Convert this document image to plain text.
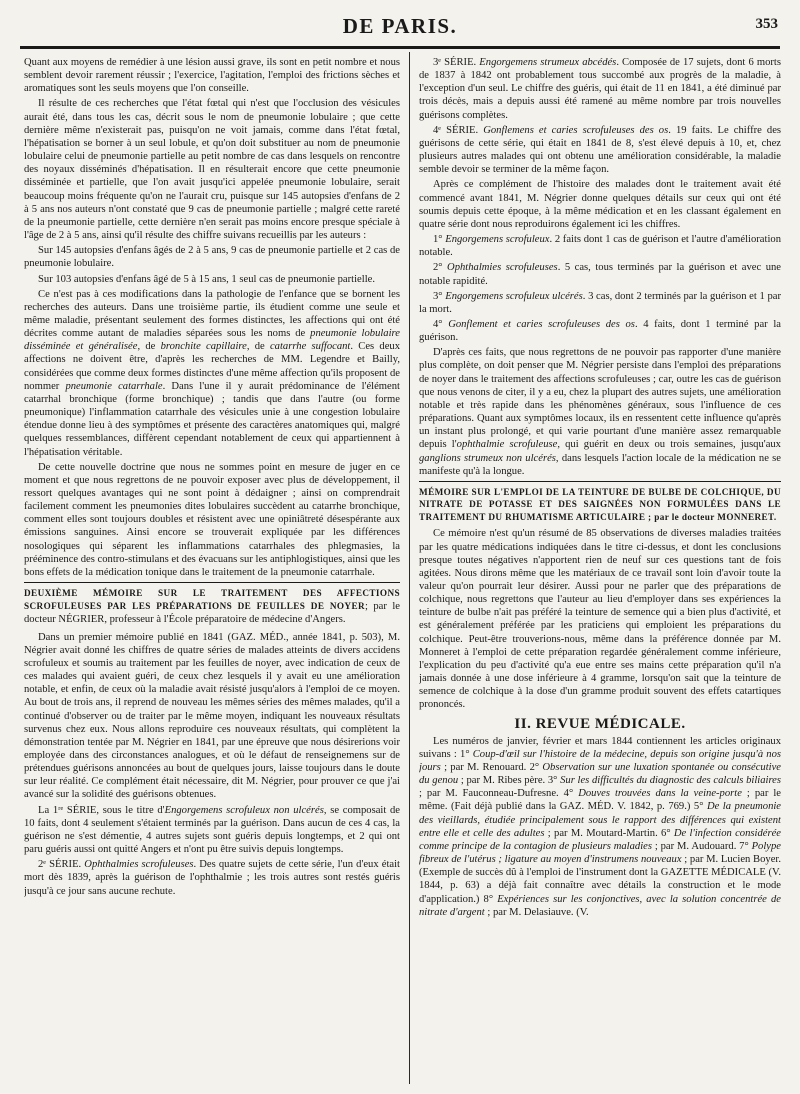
DE PARIS.	353

Quant aux moyens de remédier à une lésion aussi grave, ils sont en petit nombre et nous semblent devoir rarement réussir ; l'exercice, l'agitation, l'emploi des frictions sèches et aromatiques sont les seuls moyens que l'on conseille.

Il résulte de ces recherches que l'état fœtal qui n'est que l'occlusion des vésicules aurait été, dans tous les cas, décrit sous le nom de pneumonie lobulaire ; que cette dernière même n'existerait pas, puisqu'on ne voit jamais, comme dans l'état fœtal, l'hépatisation se borner à un seul lobule, et qu'on doit substituer au nom de pneumonie lobulaire celui de pneumonie partielle au petit nombre de cas dans lesquels on rencontre des noyaux disséminés d'hépatisation. Il en résulterait encore que cette pneumonie disséminée et partielle, que l'on avait jusqu'ici appelée pneumonie lobulaire, serait beaucoup moins fréquente qu'on ne l'aurait cru, puisque sur 145 autopsies d'enfans de 2 à 5 ans nos auteurs n'ont constaté que 9 cas de pneumonie partielle ; malgré cette rareté de la pneumonie partielle, cette dernière n'en serait pas moins encore presque spéciale à l'âge de 2 à 5 ans, ainsi qu'il résulte des chiffre suivans recueillis par les auteurs :

Sur 145 autopsies d'enfans âgés de 2 à 5 ans, 9 cas de pneumonie partielle et 2 cas de pneumonie lobulaire.

Sur 103 autopsies d'enfans âgé de 5 à 15 ans, 1 seul cas de pneumonie partielle.

Ce n'est pas à ces modifications dans la pathologie de l'enfance que se bornent les recherches des auteurs. Dans une troisième partie, ils étudient comme une seule et même maladie, présentant seulement des formes distinctes, les affections qui ont été décrites comme autant de maladies séparées sous les noms de pneumonie lobulaire disséminée et généralisée, de bronchite capillaire, de catarrhe suffocant. Ces deux affections ne doivent être, d'après les recherches de MM. Legendre et Bailly, considérées que comme deux formes distinctes d'une même affection qu'ils proposent de nommer pneumonie catarrhale. Dans l'une il y aurait prédominance de l'élément catarrhal bronchique (forme bronchique) ; tandis que dans l'autre (ou forme pneumonique) l'inflammation catarrhale des vésicules unie à une congestion lobulaire étendue donne lieu à des symptômes et présente des caractères anatomiques qui, malgré quelques ressemblances, diffèrent cependant notablement de ceux qui appartiennent à l'hépatisation véritable.

De cette nouvelle doctrine que nous ne sommes point en mesure de juger en ce moment et que nous regrettons de ne pouvoir exposer avec plus de développement, il ressort quelques avantages qui ne sont point à dédaigner ; ainsi on comprendrait facilement comment les pneumonies dites lobulaires succèdent au catarrhe bronchique, comment elles sont toujours doubles et résistent avec une opiniâtreté désespérante aux émissions sanguines. Ainsi encore se trouverait expliquée par les différences nosologiques qui séparent les inflammations catarrhales des phlegmasies, la prééminence des contro-stimulans et des évacuans sur les antiphlogistiques, ainsi que les bons effets de la médication tonique dans le traitement de la pneumonie catarrhale.

DEUXIÈME MÉMOIRE SUR LE TRAITEMENT DES AFFECTIONS SCROFULEUSES PAR LES PRÉPARATIONS DE FEUILLES DE NOYER; par le docteur NÉGRIER, professeur à l'École préparatoire de médecine d'Angers.

Dans un premier mémoire publié en 1841 (GAZ. MÉD., année 1841, p. 503), M. Négrier avait donné les chiffres de quatre séries de malades atteints de divers accidens scrofuleux et soumis au traitement par les feuilles de noyer, avec indication de ceux de ces malades qui avaient guéri, de ceux chez lesquels il y avait eu une amélioration notable, et enfin, de ceux où la maladie avait résisté jusqu'alors à l'emploi de ce moyen. Au bout de trois ans, il reprend de nouveau les mêmes séries des mêmes malades, qu'il a continué d'observer ou de traiter par le même moyen, indiquant les nouveaux résultats survenus chez eux. Nous allons reproduire ces nouveaux résultats, qui complètent la démonstration tentée par M. Négrier en 1841, par une épreuve que nous désirerions voir employée dans des circonstances analogues, et où le défaut de renseignemens sur de prétendues guérisons annoncées au bout de quelques jours, laisse toujours dans le doute sur leur réalité. Ce complément était nécessaire, dit M. Négrier, pour prouver ce que j'ai avancé sur la solidité des guérisons obtenues.

La 1ʳᵉ SÉRIE, sous le titre d'Engorgemens scrofuleux non ulcérés, se composait de 10 faits, dont 4 seulement s'étaient terminés par la guérison. Dans aucun de ces 4 cas, la guérison ne s'est démentie, 4 autres sujets sont guéris depuis longtemps, et 2 qui ont paru guéris aussi ont quitté Angers et n'ont pu être suivis depuis longtemps.

2ᵉ SÉRIE. Ophthalmies scrofuleuses. Des quatre sujets de cette série, l'un d'eux était mort dès 1839, après la guérison de l'ophthalmie ; les trois autres sont restés guéris jusqu'à ce jour sans aucune rechute.

3ᵉ SÉRIE. Engorgemens strumeux abcédés. Composée de 17 sujets, dont 6 morts de 1837 à 1842 ont probablement tous succombé aux progrès de la maladie, à l'exception d'un seul. Le chiffre des guéris, qui était de 11 en 1841, a été diminué par trois décès, mais a depuis aussi été ramené au même nombre par trois nouvelles guérisons complètes.

4ᵉ SÉRIE. Gonflemens et caries scrofuleuses des os. 19 faits. Le chiffre des guérisons de cette série, qui était en 1841 de 8, s'est élevé depuis à 10, et, chez plusieurs autres malades qui ont obtenu une amélioration considérable, la maladie semble devoir se terminer de la même façon.

Après ce complément de l'histoire des malades dont le traitement avait été commencé avant 1841, M. Négrier donne quelques détails sur ceux qui ont été soumis depuis cette époque, à la même médication et en les classant également en quatre série dont nous reproduirons également ici les chiffres.

1° Engorgemens scrofuleux. 2 faits dont 1 cas de guérison et l'autre d'amélioration notable.

2° Ophthalmies scrofuleuses. 5 cas, tous terminés par la guérison et avec une notable rapidité.

3° Engorgemens scrofuleux ulcérés. 3 cas, dont 2 terminés par la guérison et 1 par la mort.

4° Gonflement et caries scrofuleuses des os. 4 faits, dont 1 terminé par la guérison.

D'après ces faits, que nous regrettons de ne pouvoir pas rapporter d'une manière plus complète, on doit penser que M. Négrier persiste dans l'emploi des préparations de noyer dans le traitement des affections scrofuleuses ; car, outre les cas de guérison que nous venons de citer, il y a eu, chez la plupart des autres sujets, une amélioration notable et très rapide dans les phénomènes généraux, sous l'influence de ces préparations. Quant aux symptômes locaux, ils en ressentent cette influence qu'après un instant plus prolongé, et qui varie pourtant d'une manière assez remarquable depuis l'ophthalmie scrofuleuse, qui guérit en deux ou trois semaines, jusqu'aux ganglions strumeux non ulcérés, dans lesquels l'action locale de la médication ne se manifeste qu'à la longue.

MÉMOIRE SUR L'EMPLOI DE LA TEINTURE DE BULBE DE COLCHIQUE, DU NITRATE DE POTASSE ET DES SAIGNÉES NON FORMULÉES DANS LE TRAITEMENT DU RHUMATISME ARTICULAIRE ; par le docteur MONNERET.

Ce mémoire n'est qu'un résumé de 85 observations de diverses maladies traitées par les quatre médications indiquées dans le titre ci-dessus, et dont les conclusions presque toutes négatives n'apportent rien de neuf sur ces questions tant de fois agitées. Nous dirons même que les matériaux de ce travail sont loin d'avoir toute la valeur qu'on pourrait leur désirer. Aussi pour ne parler que des préparations de colchique, nous regrettons que l'auteur au lieu d'employer dans ses expériences la teinture de bulbe n'ait pas préféré la teinture de semence qui a bien plus d'activité, et est généralement préférée par les praticiens qui emploient les préparations du colchique. Peut-être trouverions-nous, même dans la préférence donnée par M. Monneret à l'emploi de cette préparation regardée généralement comme inférieure, l'explication du peu d'activité qu'a eue entre ses mains cette préparation qu'il n'a jamais donnée à une dose inférieure à 4 gramme, lorsqu'on sait que la teinture de semence de colchique à la dose d'un gramme produit souvent des effets catartiques prononcés.

II. REVUE MÉDICALE.

Les numéros de janvier, février et mars 1844 contiennent les articles originaux suivans : 1° Coup-d'œil sur l'histoire de la médecine, depuis son origine jusqu'à nos jours ; par M. Renouard. 2° Observation sur une luxation spontanée ou consécutive du genou ; par M. Ribes père. 3° Sur les difficultés du diagnostic des calculs biliaires ; par M. Fauconneau-Dufresne. 4° Douves trouvées dans la veine-porte ; par le même. (Fait déjà publié dans la GAZ. MÉD. V. 1842, p. 769.) 5° De la pneumonie des vieillards, étudiée principalement sous le rapport des différences qui existent entre elle et celle des adultes ; par M. Moutard-Martin. 6° De l'infection considérée comme principe de la contagion de plusieurs maladies ; par M. Audouard. 7° Polype fibreux de l'utérus ; ligature au moyen d'instrumens nouveaux ; par M. Lucien Boyer. (Exemple de succès dû à l'emploi de l'instrument dont la GAZETTE MÉDICALE (V. 1844, p. 63) a déjà fait connaître avec détails la construction et le mode d'application.) 8° Expériences sur les conjonctives, avec la solution concentrée de nitrate d'argent ; par M. Delasiauve. (V.
